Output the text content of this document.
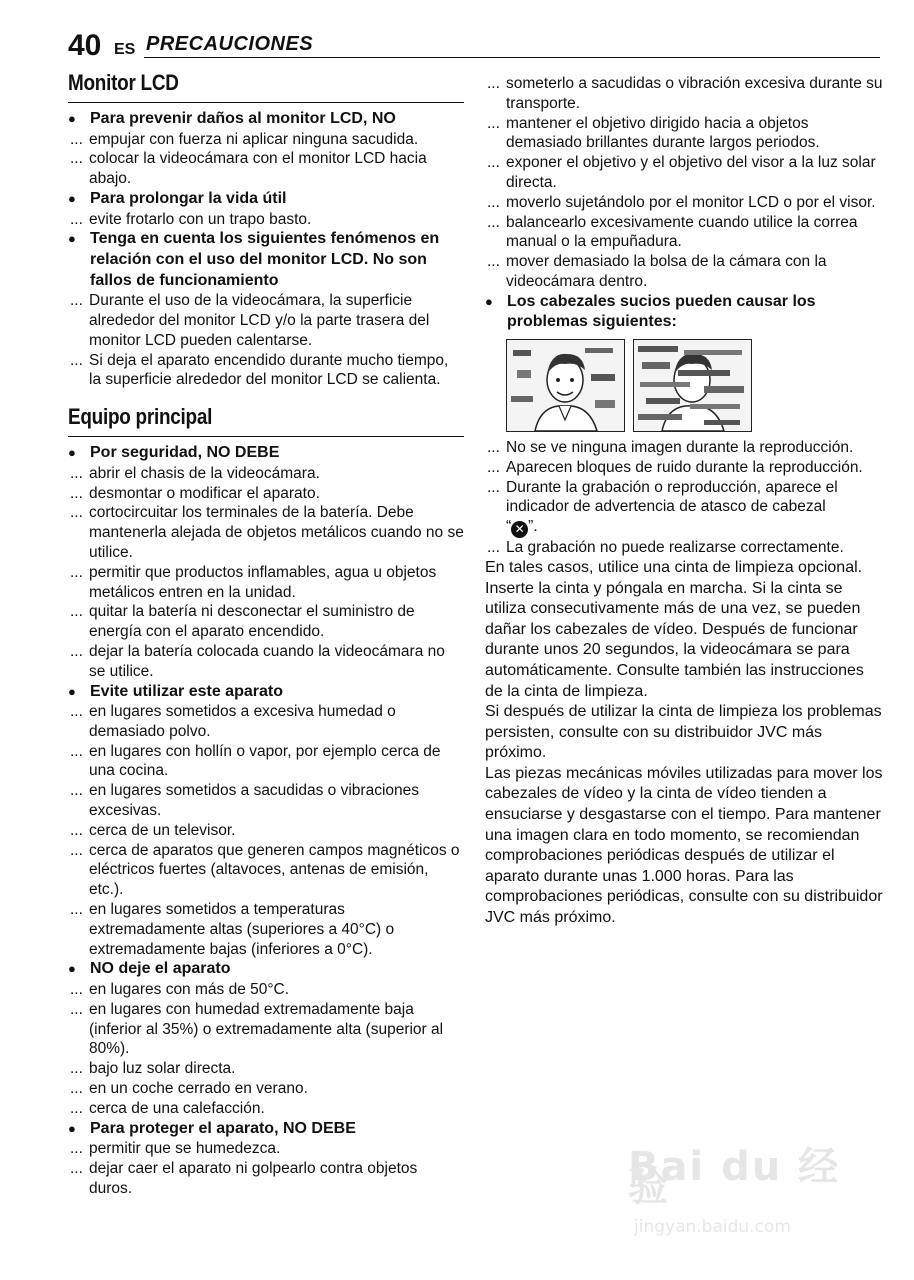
40 ES PRECAUCIONES
Monitor LCD
● Para prevenir daños al monitor LCD, NO
... empujar con fuerza ni aplicar ninguna sacudida.
... colocar la videocámara con el monitor LCD hacia abajo.
● Para prolongar la vida útil
... evite frotarlo con un trapo basto.
● Tenga en cuenta los siguientes fenómenos en relación con el uso del monitor LCD. No son fallos de funcionamiento
... Durante el uso de la videocámara, la superficie alrededor del monitor LCD y/o la parte trasera del monitor LCD pueden calentarse.
... Si deja el aparato encendido durante mucho tiempo, la superficie alrededor del monitor LCD se calienta.
Equipo principal
● Por seguridad, NO DEBE
... abrir el chasis de la videocámara.
... desmontar o modificar el aparato.
... cortocircuitar los terminales de la batería. Debe mantenerla alejada de objetos metálicos cuando no se utilice.
... permitir que productos inflamables, agua u objetos metálicos entren en la unidad.
... quitar la batería ni desconectar el suministro de energía con el aparato encendido.
... dejar la batería colocada cuando la videocámara no se utilice.
● Evite utilizar este aparato
... en lugares sometidos a excesiva humedad o demasiado polvo.
... en lugares con hollín o vapor, por ejemplo cerca de una cocina.
... en lugares sometidos a sacudidas o vibraciones excesivas.
... cerca de un televisor.
... cerca de aparatos que generen campos magnéticos o eléctricos fuertes (altavoces, antenas de emisión, etc.).
... en lugares sometidos a temperaturas extremadamente altas (superiores a 40°C) o extremadamente bajas (inferiores a 0°C).
● NO deje el aparato
... en lugares con más de 50°C.
... en lugares con humedad extremadamente baja (inferior al 35%) o extremadamente alta (superior al 80%).
... bajo luz solar directa.
... en un coche cerrado en verano.
... cerca de una calefacción.
● Para proteger el aparato, NO DEBE
... permitir que se humedezca.
... dejar caer el aparato ni golpearlo contra objetos duros.
... someterlo a sacudidas o vibración excesiva durante su transporte.
... mantener el objetivo dirigido hacia a objetos demasiado brillantes durante largos periodos.
... exponer el objetivo y el objetivo del visor a la luz solar directa.
... moverlo sujetándolo por el monitor LCD o por el visor.
... balancearlo excesivamente cuando utilice la correa manual o la empuñadura.
... mover demasiado la bolsa de la cámara con la videocámara dentro.
● Los cabezales sucios pueden causar los problemas siguientes:
... No se ve ninguna imagen durante la reproducción.
... Aparecen bloques de ruido durante la reproducción.
... Durante la grabación o reproducción, aparece el indicador de advertencia de atasco de cabezal
“ ✕ ”.
... La grabación no puede realizarse correctamente.

En tales casos, utilice una cinta de limpieza opcional. Inserte la cinta y póngala en marcha. Si la cinta se utiliza consecutivamente más de una vez, se pueden dañar los cabezales de vídeo. Después de funcionar durante unos 20 segundos, la videocámara se para automáticamente. Consulte también las instrucciones de la cinta de limpieza.

Si después de utilizar la cinta de limpieza los problemas persisten, consulte con su distribuidor JVC más próximo.

Las piezas mecánicas móviles utilizadas para mover los cabezales de vídeo y la cinta de vídeo tienden a ensuciarse y desgastarse con el tiempo. Para mantener una imagen clara en todo momento, se recomiendan comprobaciones periódicas después de utilizar el aparato durante unas 1.000 horas. Para las comprobaciones periódicas, consulte con su distribuidor JVC más próximo.

Bai du 经验
jingyan.baidu.com
